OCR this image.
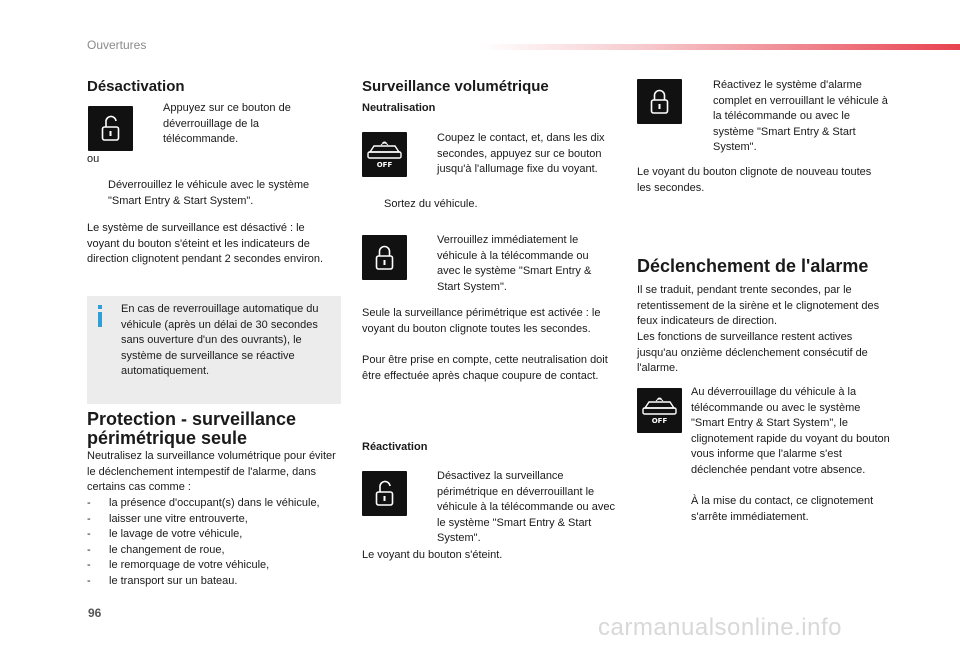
Ouvertures
Désactivation
Appuyez sur ce bouton de déverrouillage de la télécommande.
ou
Déverrouillez le véhicule avec le système "Smart Entry & Start System".
Le système de surveillance est désactivé : le voyant du bouton s'éteint et les indicateurs de direction clignotent pendant 2 secondes environ.
En cas de reverrouillage automatique du véhicule (après un délai de 30 secondes sans ouverture d'un des ouvrants), le système de surveillance se réactive automatiquement.
Protection - surveillance périmétrique seule
Neutralisez la surveillance volumétrique pour éviter le déclenchement intempestif de l'alarme, dans certains cas comme :
- la présence d'occupant(s) dans le véhicule,
- laisser une vitre entrouverte,
- le lavage de votre véhicule,
- le changement de roue,
- le remorquage de votre véhicule,
- le transport sur un bateau.
Surveillance volumétrique
Neutralisation
OFF
Coupez le contact, et, dans les dix secondes, appuyez sur ce bouton jusqu'à l'allumage fixe du voyant.
Sortez du véhicule.
Verrouillez immédiatement le véhicule à la télécommande ou avec le système "Smart Entry & Start System".
Seule la surveillance périmétrique est activée : le voyant du bouton clignote toutes les secondes.
Pour être prise en compte, cette neutralisation doit être effectuée après chaque coupure de contact.
Réactivation
Désactivez la surveillance périmétrique en déverrouillant le véhicule à la télécommande ou avec le système "Smart Entry & Start System".
Le voyant du bouton s'éteint.
Réactivez le système d'alarme complet en verrouillant le véhicule à la télécommande ou avec le système "Smart Entry & Start System".
Le voyant du bouton clignote de nouveau toutes les secondes.
Déclenchement de l'alarme
Il se traduit, pendant trente secondes, par le retentissement de la sirène et le clignotement des feux indicateurs de direction.
Les fonctions de surveillance restent actives jusqu'au onzième déclenchement consécutif de l'alarme.
OFF
Au déverrouillage du véhicule à la télécommande ou avec le système "Smart Entry & Start System", le clignotement rapide du voyant du bouton vous informe que l'alarme s'est déclenchée pendant votre absence.
À la mise du contact, ce clignotement s'arrête immédiatement.
96
carmanualsonline.info
